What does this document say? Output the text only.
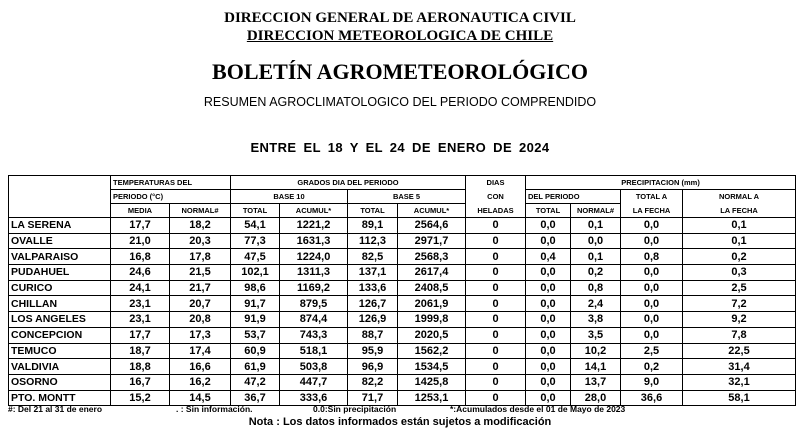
DIRECCION GENERAL DE AERONAUTICA CIVIL
DIRECCION METEOROLOGICA DE CHILE
BOLETÍN AGROMETEOROLÓGICO
RESUMEN AGROCLIMATOLOGICO DEL PERIODO COMPRENDIDO
ENTRE EL 18 Y EL 24 DE ENERO DE 2024
	TEMPERATURAS DEL		GRADOS DIA DEL PERIODO				DIAS	PRECIPITACION (mm)			
	PERIODO (°C)		BASE 10		BASE 5		CON	DEL PERIODO		TOTAL A	NORMAL A
	MEDIA	NORMAL#	TOTAL	ACUMUL*	TOTAL	ACUMUL*	HELADAS	TOTAL	NORMAL#	LA FECHA	LA FECHA
LA SERENA	17,7	18,2	54,1	1221,2	89,1	2564,6	0	0,0	0,1	0,0	0,1
OVALLE	21,0	20,3	77,3	1631,3	112,3	2971,7	0	0,0	0,0	0,0	0,1
VALPARAISO	16,8	17,8	47,5	1224,0	82,5	2568,3	0	0,4	0,1	0,8	0,2
PUDAHUEL	24,6	21,5	102,1	1311,3	137,1	2617,4	0	0,0	0,2	0,0	0,3
CURICO	24,1	21,7	98,6	1169,2	133,6	2408,5	0	0,0	0,8	0,0	2,5
CHILLAN	23,1	20,7	91,7	879,5	126,7	2061,9	0	0,0	2,4	0,0	7,2
LOS ANGELES	23,1	20,8	91,9	874,4	126,9	1999,8	0	0,0	3,8	0,0	9,2
CONCEPCION	17,7	17,3	53,7	743,3	88,7	2020,5	0	0,0	3,5	0,0	7,8
TEMUCO	18,7	17,4	60,9	518,1	95,9	1562,2	0	0,0	10,2	2,5	22,5
VALDIVIA	18,8	16,6	61,9	503,8	96,9	1534,5	0	0,0	14,1	0,2	31,4
OSORNO	16,7	16,2	47,2	447,7	82,2	1425,8	0	0,0	13,7	9,0	32,1
PTO. MONTT	15,2	14,5	36,7	333,6	71,7	1253,1	0	0,0	28,0	36,6	58,1
#: Del 21 al 31 de enero	. : Sin información.	0.0:Sin precipitación	*:Acumulados desde el 01 de Mayo de 2023
Nota : Los datos informados están sujetos a modificación
